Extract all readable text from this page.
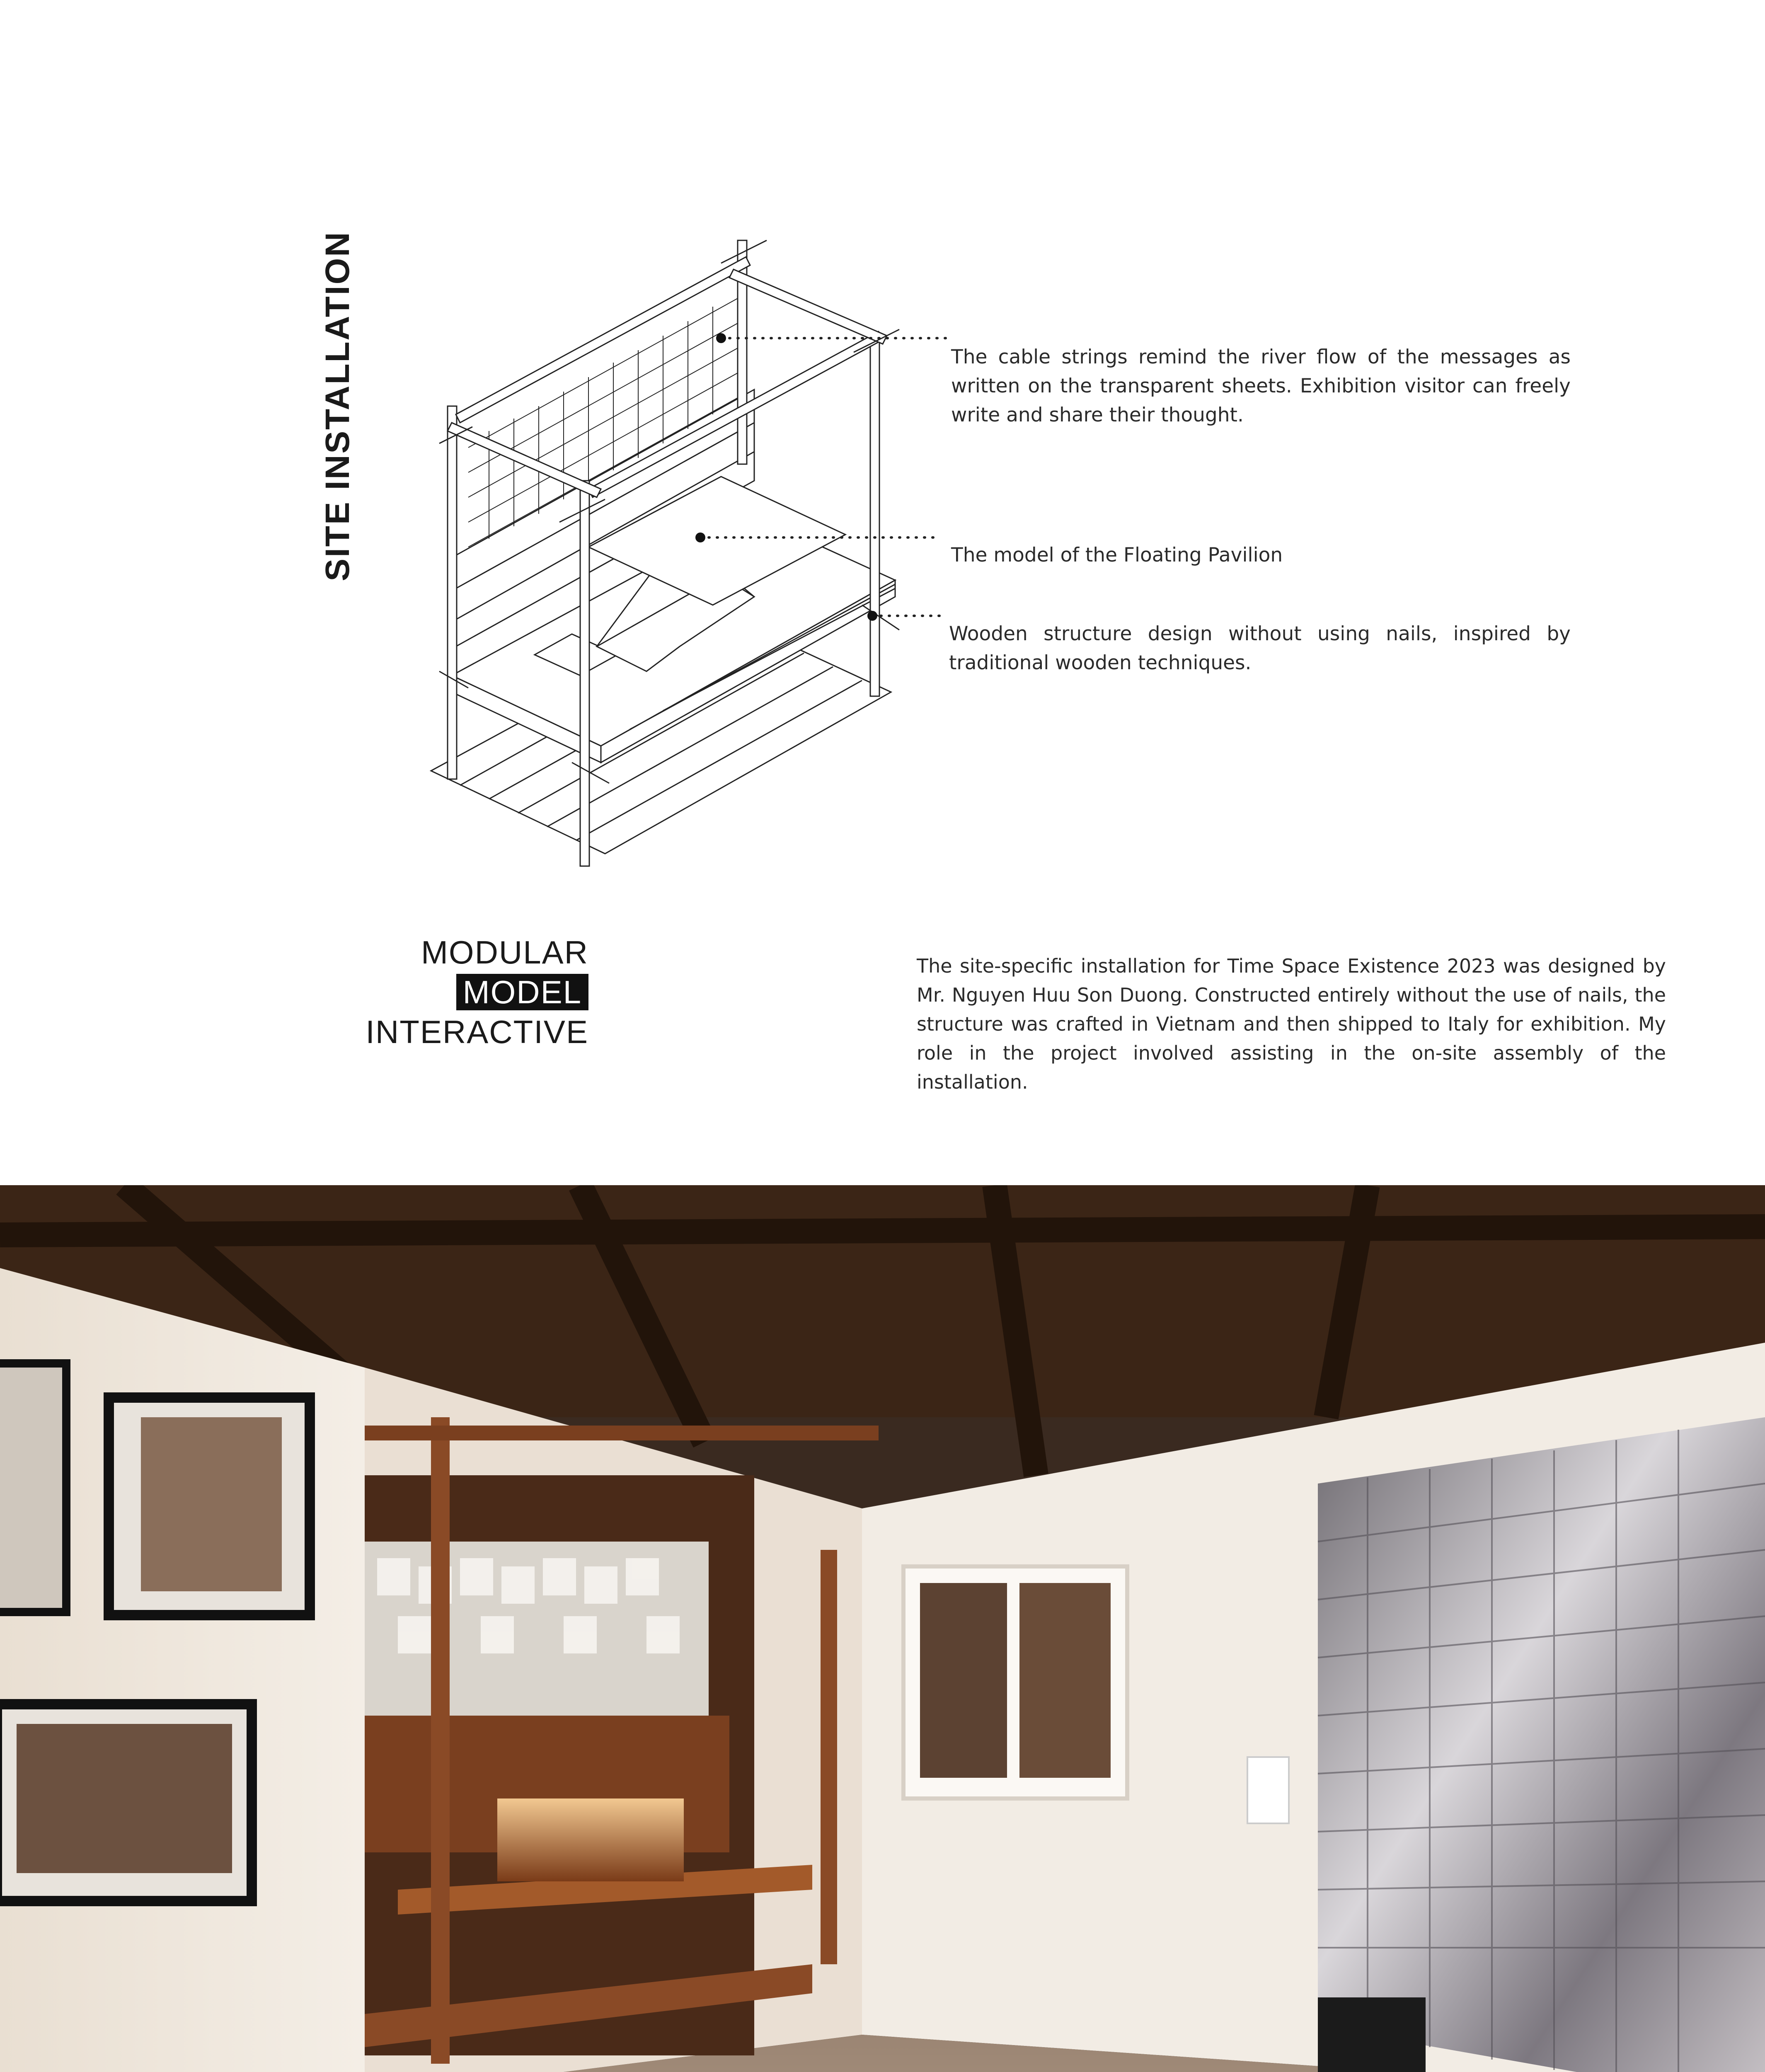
SITE INSTALLATION	The cable strings remind the river flow of the messages as written on the transparent sheets. Exhibition visitor can freely write and share their thought.

The model of the Floating Pavilion

Wooden structure design without using nails, inspired by traditional wooden techniques.

MODULAR
MODEL
INTERACTIVE

The site-specific installation for Time Space Existence 2023 was designed by Mr. Nguyen Huu Son Duong. Constructed entirely without the use of nails, the structure was crafted in Vietnam and then shipped to Italy for exhibition. My role in the project involved assisting in the on-site assembly of the installation.
